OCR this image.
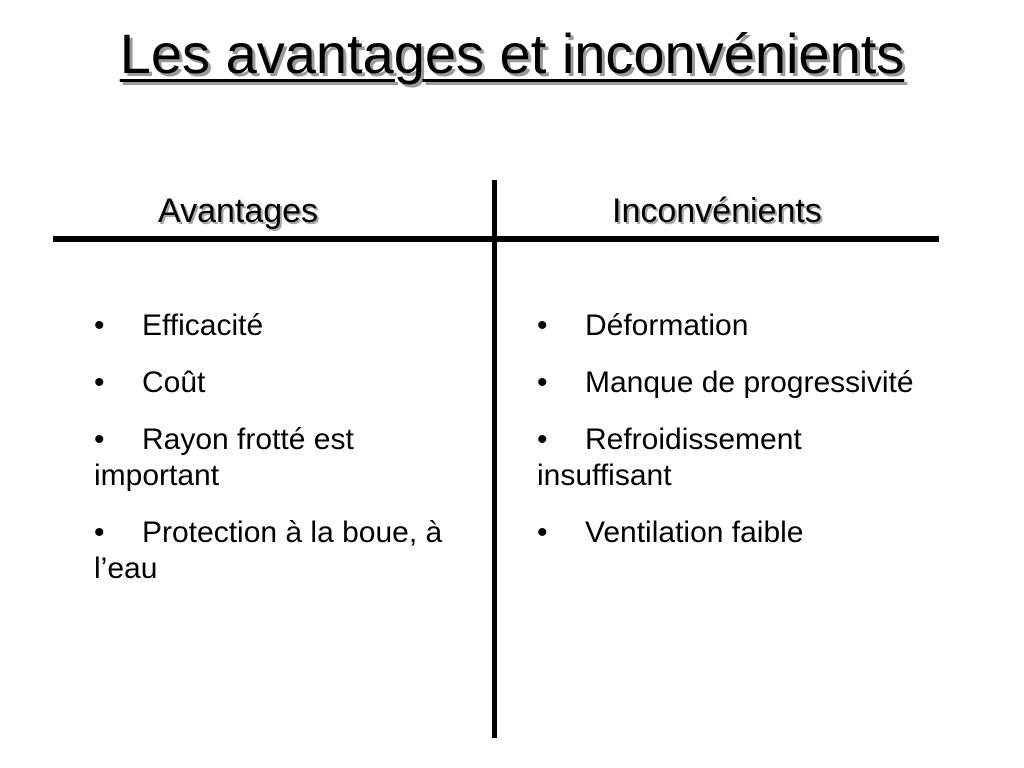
Les avantages et inconvénients
Avantages	Inconvénients
• Efficacité
• Coût
• Rayon frotté est important
• Protection à la boue, à l’eau
• Déformation
• Manque de progressivité
• Refroidissement insuffisant
• Ventilation faible
